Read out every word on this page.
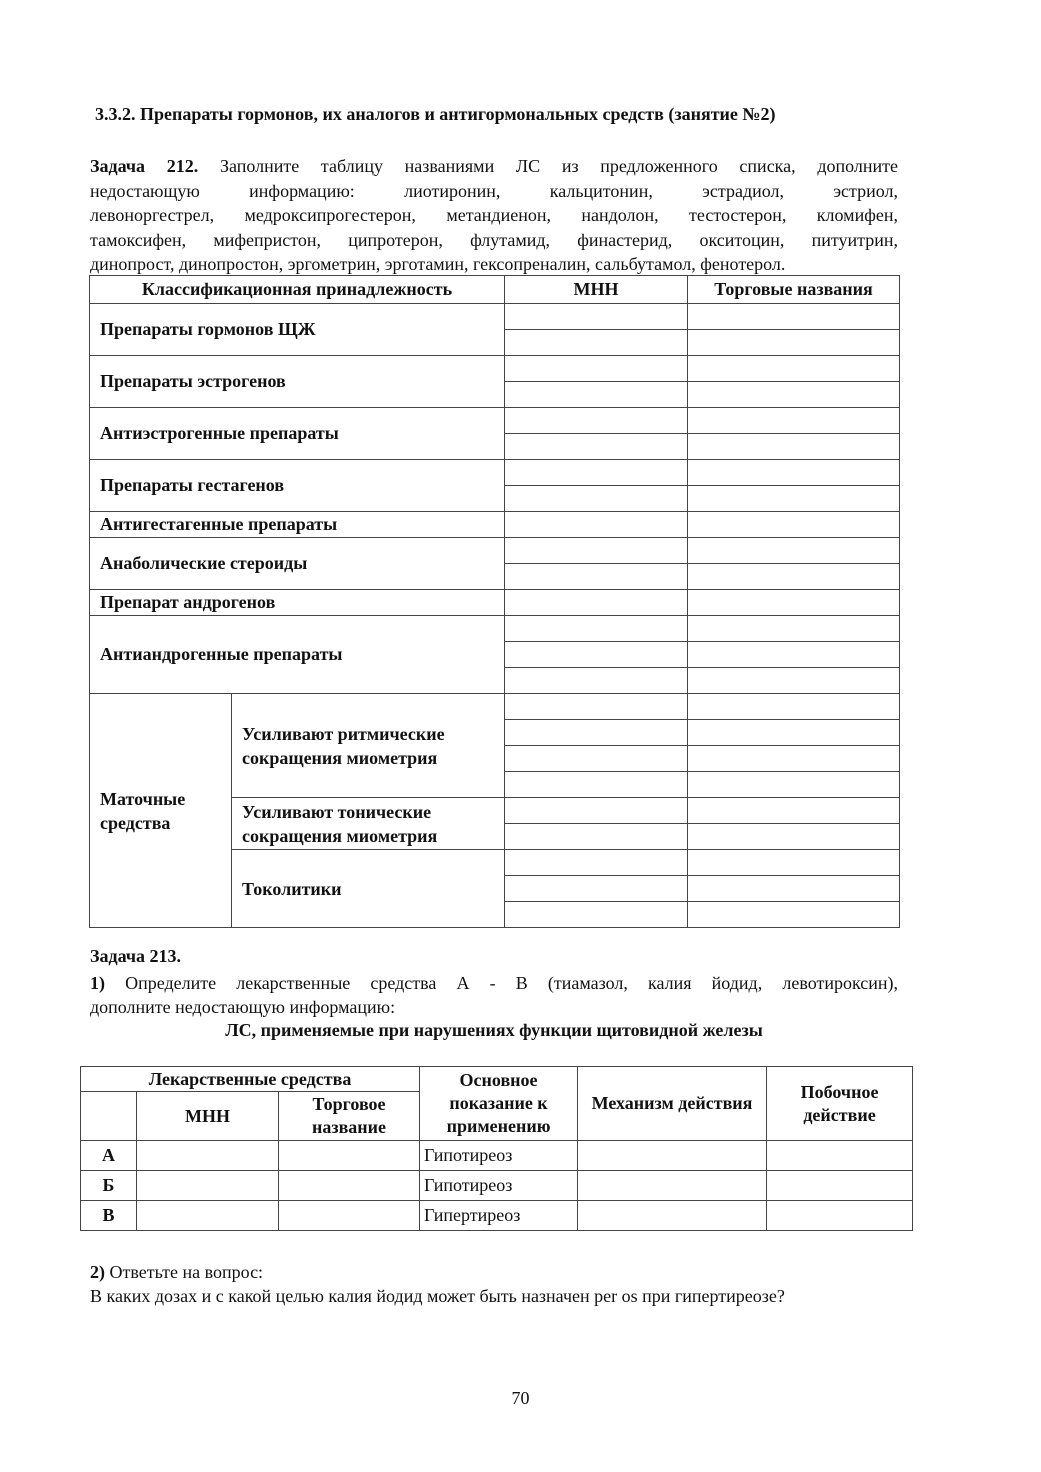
3.3.2. Препараты гормонов, их аналогов и антигормональных средств (занятие №2)
Задача 212. Заполните таблицу названиями ЛС из предложенного списка, дополните
недостающую информацию: лиотиронин, кальцитонин, эстрадиол, эстриол,
левоноргестрел, медроксипрогестерон, метандиенон, нандолон, тестостерон, кломифен,
тамоксифен, мифепристон, ципротерон, флутамид, финастерид, окситоцин, питуитрин,
динопрост, динопростон, эргометрин, эрготамин, гексопреналин, сальбутамол, фенотерол.
Классификационная принадлежность		МНН	Торговые названия
Препараты гормонов ЩЖ			

Препараты эстрогенов			

Антиэстрогенные препараты			

Препараты гестагенов			

Антигестагенные препараты			
Анаболические стероиды			

Препарат андрогенов			
Антиандрогенные препараты			

Маточные средства	Усиливают ритмические сокращения миометрия		

	Усиливают тонические сокращения миометрия		

	Токолитики		

Задача 213.
1) Определите лекарственные средства А - В (тиамазол, калия йодид, левотироксин),
дополните недостающую информацию:
ЛС, применяемые при нарушениях функции щитовидной железы
Лекарственные средства			Основное показание к применению	Механизм действия	Побочное действие
	МНН	Торговое название			
А			Гипотиреоз		
Б			Гипотиреоз		
В			Гипертиреоз		
2) Ответьте на вопрос:
В каких дозах и с какой целью калия йодид может быть назначен per os при гипертиреозе?
70
